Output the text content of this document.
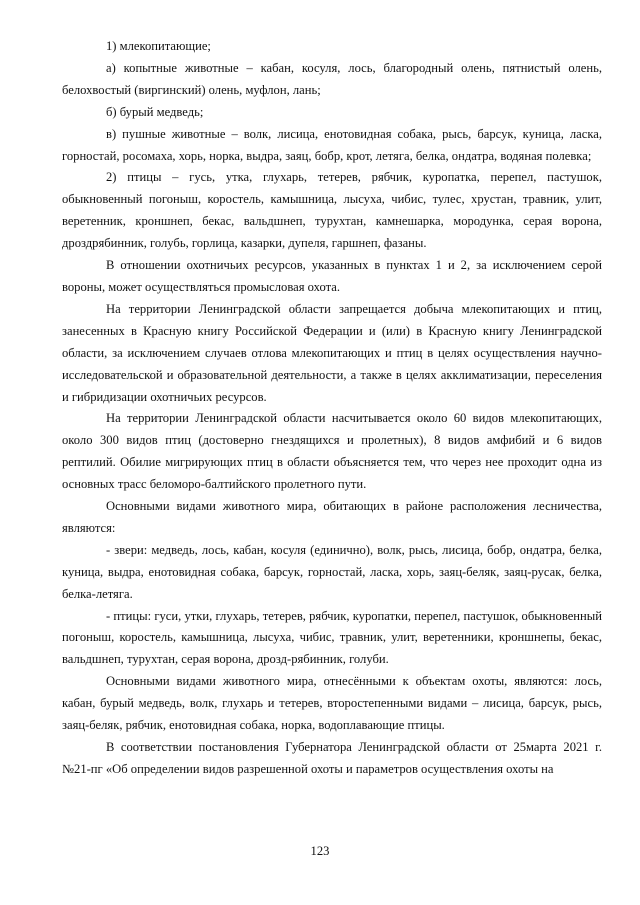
1) млекопитающие;

а) копытные животные – кабан, косуля, лось, благородный олень, пятнистый олень, белохвостый (виргинский) олень, муфлон, лань;

б) бурый медведь;

в) пушные животные – волк, лисица, енотовидная собака, рысь, барсук, куница, ласка, горностай, росомаха, хорь, норка, выдра, заяц, бобр, крот, летяга, белка, ондатра, водяная полевка;

2) птицы – гусь, утка, глухарь, тетерев, рябчик, куропатка, перепел, пастушок, обыкновенный погоныш, коростель, камышница, лысуха, чибис, тулес, хрустан, травник, улит, веретенник, кроншнеп, бекас, вальдшнеп, турухтан, камнешарка, мородунка, серая ворона, дроздрябинник, голубь, горлица, казарки, дупеля, гаршнеп, фазаны.

В отношении охотничьих ресурсов, указанных в пунктах 1 и 2, за исключением серой вороны, может осуществляться промысловая охота.

На территории Ленинградской области запрещается добыча млекопитающих и птиц, занесенных в Красную книгу Российской Федерации и (или) в Красную книгу Ленинградской области, за исключением случаев отлова млекопитающих и птиц в целях осуществления научно-исследовательской и образовательной деятельности, а также в целях акклиматизации, переселения и гибридизации охотничьих ресурсов.

На территории Ленинградской области насчитывается около 60 видов млекопитающих, около 300 видов птиц (достоверно гнездящихся и пролетных), 8 видов амфибий и 6 видов рептилий. Обилие мигрирующих птиц в области объясняется тем, что через нее проходит одна из основных трасс беломоро-балтийского пролетного пути.

Основными видами животного мира, обитающих в районе расположения лесничества, являются:

- звери: медведь, лось, кабан, косуля (единично), волк, рысь, лисица, бобр, ондатра, белка, куница, выдра, енотовидная собака, барсук, горностай, ласка, хорь, заяц-беляк, заяц-русак, белка, белка-летяга.

- птицы: гуси, утки, глухарь, тетерев, рябчик, куропатки, перепел, пастушок, обыкновенный погоныш, коростель, камышница, лысуха, чибис, травник, улит, веретенники, кроншнепы, бекас, вальдшнеп, турухтан, серая ворона, дрозд-рябинник, голуби.

Основными видами животного мира, отнесёнными к объектам охоты, являются: лось, кабан, бурый медведь, волк, глухарь и тетерев, второстепенными видами – лисица, барсук, рысь, заяц-беляк, рябчик, енотовидная собака, норка, водоплавающие птицы.

В соответствии постановления Губернатора Ленинградской области от 25марта 2021 г. №21-пг «Об определении видов разрешенной охоты и параметров осуществления охоты на

123
